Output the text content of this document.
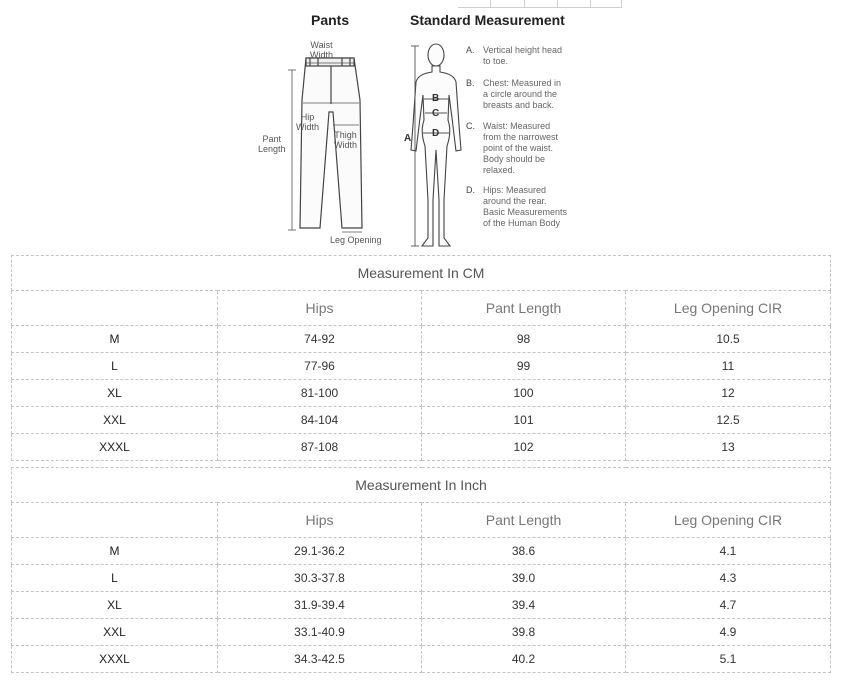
Pants	Standard Measurement
Waist
Width
Hip
Width
Thigh
Width
Pant
Length
Leg Opening
A
B
C
D
A. Vertical height head
to toe.
B. Chest: Measured in
a circle around the
breasts and back.
C. Waist: Measured
from the narrowest
point of the waist.
Body should be
relaxed.
D. Hips: Measured
around the rear.
Basic Measurements
of the Human Body
Measurement In CM			
	Hips	Pant Length	Leg Opening CIR
M	74-92	98	10.5
L	77-96	99	11
XL	81-100	100	12
XXL	84-104	101	12.5
XXXL	87-108	102	13
Measurement In Inch			
	Hips	Pant Length	Leg Opening CIR
M	29.1-36.2	38.6	4.1
L	30.3-37.8	39.0	4.3
XL	31.9-39.4	39.4	4.7
XXL	33.1-40.9	39.8	4.9
XXXL	34.3-42.5	40.2	5.1
